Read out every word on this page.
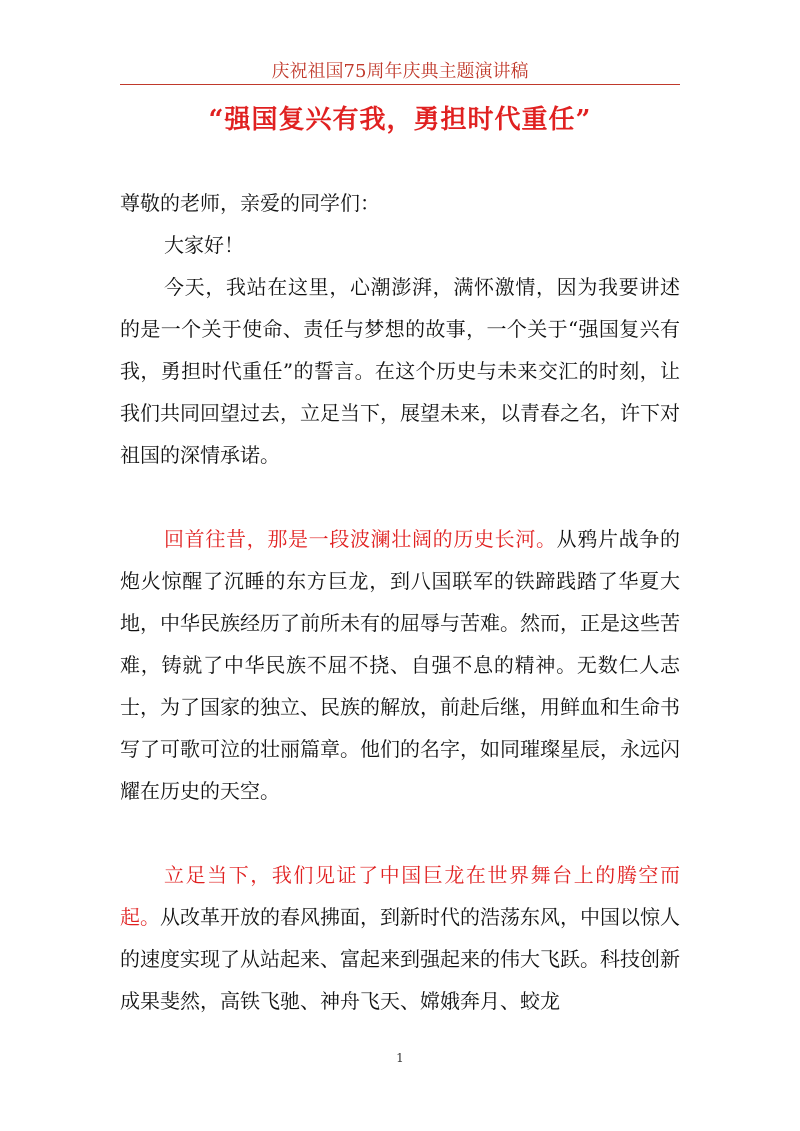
庆祝祖国75周年庆典主题演讲稿
“强国复兴有我，勇担时代重任”
尊敬的老师，亲爱的同学们：
大家好！
今天，我站在这里，心潮澎湃，满怀激情，因为我要讲述的是一个关于使命、责任与梦想的故事，一个关于“强国复兴有我，勇担时代重任”的誓言。在这个历史与未来交汇的时刻，让我们共同回望过去，立足当下，展望未来，以青春之名，许下对祖国的深情承诺。
回首往昔，那是一段波澜壮阔的历史长河。从鸦片战争的炮火惊醒了沉睡的东方巨龙，到八国联军的铁蹄践踏了华夏大地，中华民族经历了前所未有的屈辱与苦难。然而，正是这些苦难，铸就了中华民族不屈不挠、自强不息的精神。无数仁人志士，为了国家的独立、民族的解放，前赴后继，用鲜血和生命书写了可歌可泣的壮丽篇章。他们的名字，如同璀璨星辰，永远闪耀在历史的天空。
立足当下，我们见证了中国巨龙在世界舞台上的腾空而起。从改革开放的春风拂面，到新时代的浩荡东风，中国以惊人的速度实现了从站起来、富起来到强起来的伟大飞跃。科技创新成果斐然，高铁飞驰、神舟飞天、嫦娥奔月、蛟龙
1
